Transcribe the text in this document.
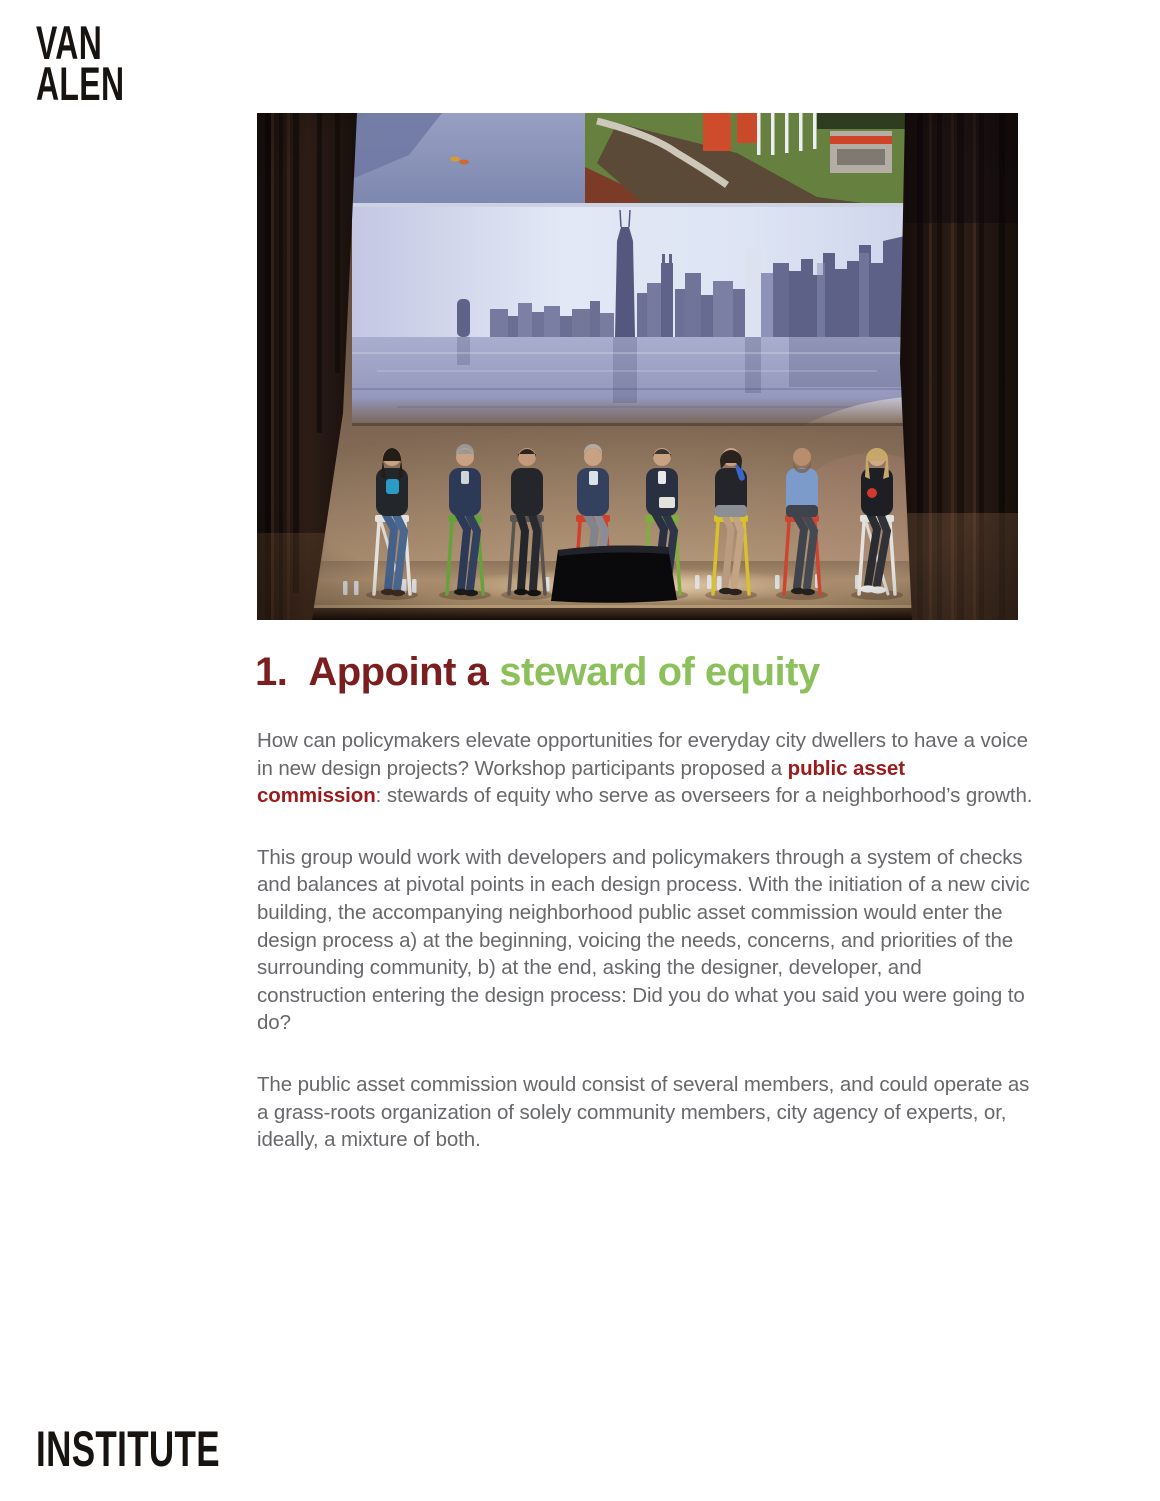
VAN
ALEN
1. Appoint a steward of equity

How can policymakers elevate opportunities for everyday city dwellers to have a voice in new design projects? Workshop participants proposed a public asset commission: stewards of equity who serve as overseers for a neighborhood’s growth.

This group would work with developers and policymakers through a system of checks and balances at pivotal points in each design process. With the initiation of a new civic building, the accompanying neighborhood public asset commission would enter the design process a) at the beginning, voicing the needs, concerns, and priorities of the surrounding community, b) at the end, asking the designer, developer, and construction entering the design process: Did you do what you said you were going to do?

The public asset commission would consist of several members, and could operate as a grass-roots organization of solely community members, city agency of experts, or, ideally, a mixture of both.

INSTITUTE
